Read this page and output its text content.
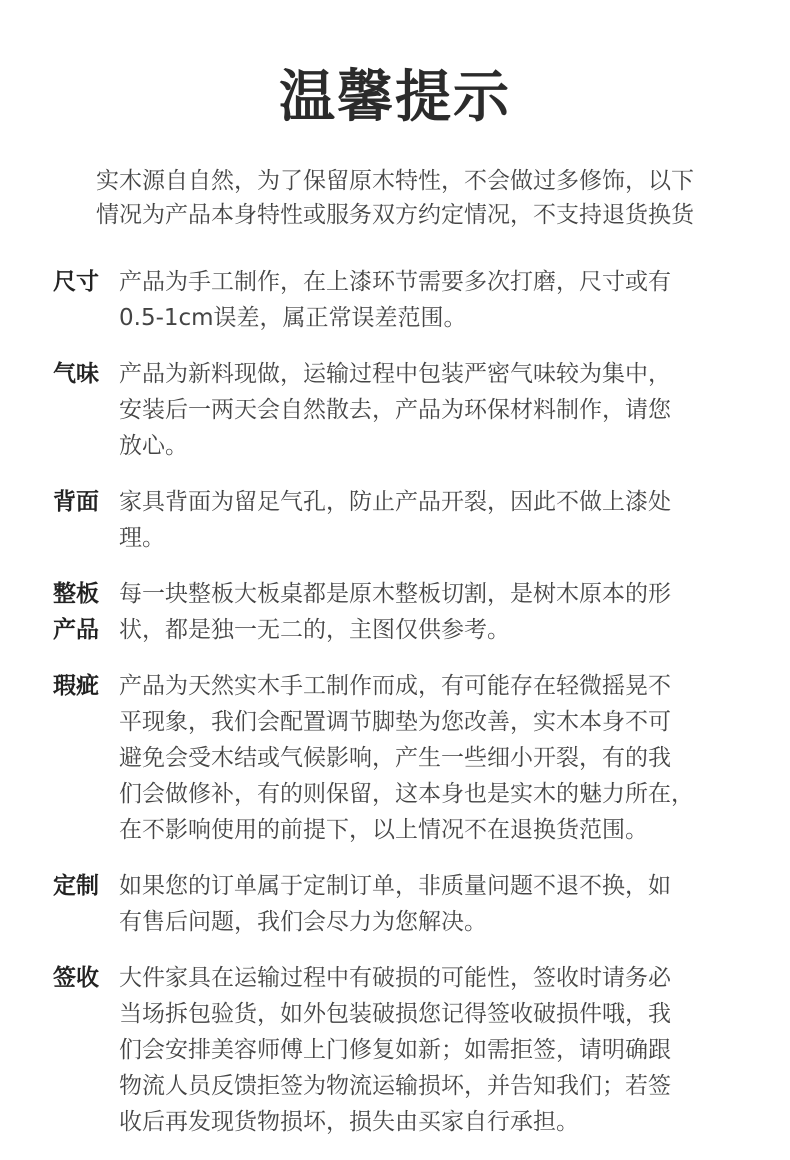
温馨提示
实木源自自然，为了保留原木特性，不会做过多修饰，以下
情况为产品本身特性或服务双方约定情况，不支持退货换货
尺寸 产品为手工制作，在上漆环节需要多次打磨，尺寸或有
0.5-1cm误差，属正常误差范围。
气味 产品为新料现做，运输过程中包装严密气味较为集中，
安装后一两天会自然散去，产品为环保材料制作，请您
放心。
背面 家具背面为留足气孔，防止产品开裂，因此不做上漆处
理。
整板
产品
每一块整板大板桌都是原木整板切割，是树木原本的形
状，都是独一无二的，主图仅供参考。
瑕疵 产品为天然实木手工制作而成，有可能存在轻微摇晃不
平现象，我们会配置调节脚垫为您改善，实木本身不可
避免会受木结或气候影响，产生一些细小开裂，有的我
们会做修补，有的则保留，这本身也是实木的魅力所在，
在不影响使用的前提下，以上情况不在退换货范围。
定制 如果您的订单属于定制订单，非质量问题不退不换，如
有售后问题，我们会尽力为您解决。
签收 大件家具在运输过程中有破损的可能性，签收时请务必
当场拆包验货，如外包装破损您记得签收破损件哦，我
们会安排美容师傅上门修复如新；如需拒签，请明确跟
物流人员反馈拒签为物流运输损坏，并告知我们；若签
收后再发现货物损坏，损失由买家自行承担。
